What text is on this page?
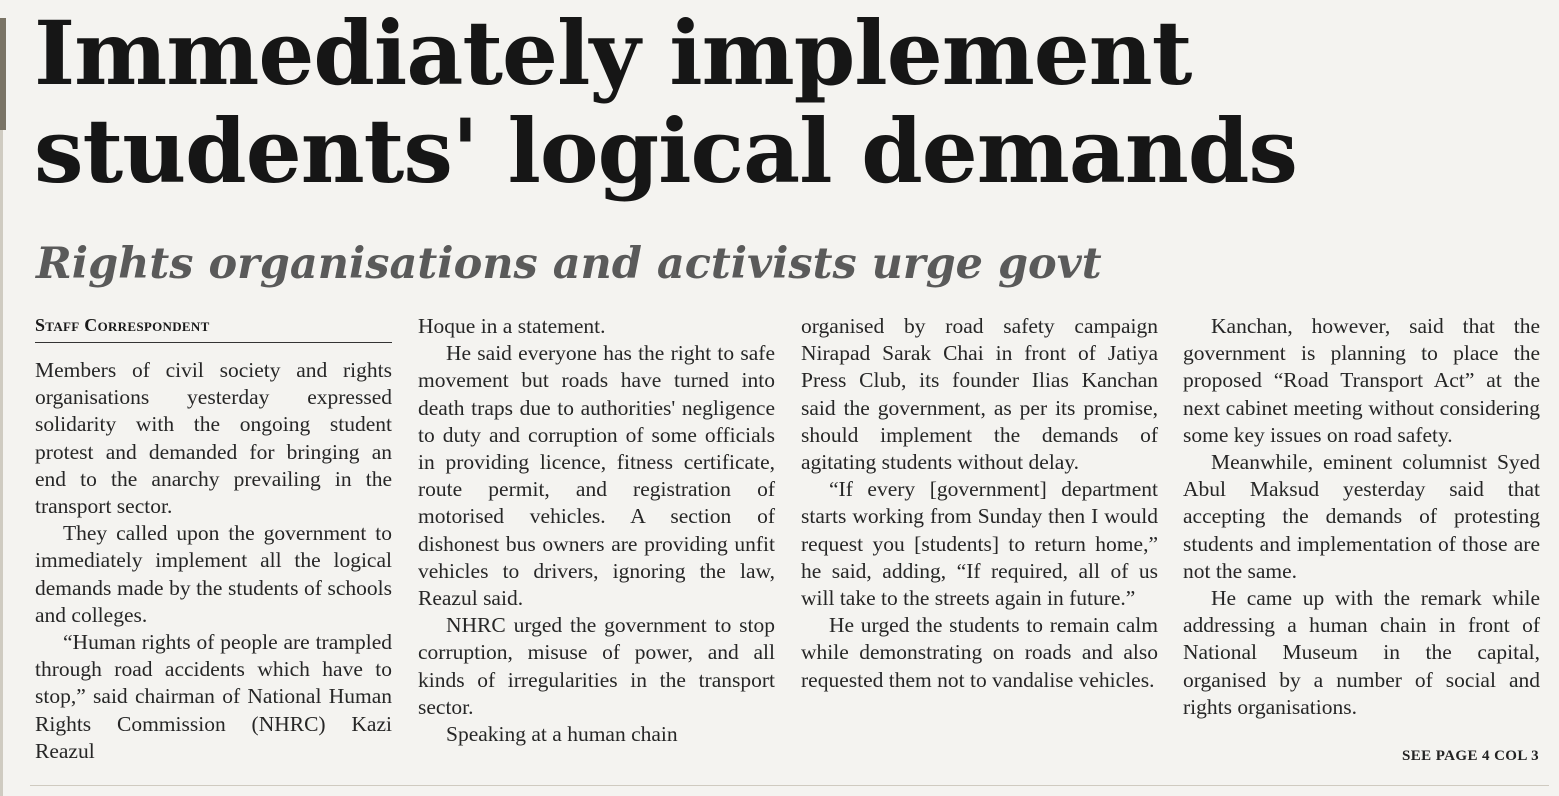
Immediately implement students' logical demands
Rights organisations and activists urge govt
Staff Correspondent

Members of civil society and rights organisations yesterday expressed solidarity with the ongoing student protest and demanded for bringing an end to the anarchy prevailing in the transport sector.

They called upon the government to immediately implement all the logical demands made by the students of schools and colleges.

“Human rights of people are trampled through road accidents which have to stop,” said chairman of National Human Rights Commission (NHRC) Kazi Reazul

Hoque in a statement.

He said everyone has the right to safe movement but roads have turned into death traps due to authorities' negligence to duty and corruption of some officials in providing licence, fitness certificate, route permit, and registration of motorised vehicles. A section of dishonest bus owners are providing unfit vehicles to drivers, ignoring the law, Reazul said.

NHRC urged the government to stop corruption, misuse of power, and all kinds of irregularities in the transport sector.

Speaking at a human chain

organised by road safety campaign Nirapad Sarak Chai in front of Jatiya Press Club, its founder Ilias Kanchan said the government, as per its promise, should implement the demands of agitating students without delay.

“If every [government] department starts working from Sunday then I would request you [students] to return home,” he said, adding, “If required, all of us will take to the streets again in future.”

He urged the students to remain calm while demonstrating on roads and also requested them not to vandalise vehicles.

Kanchan, however, said that the government is planning to place the proposed “Road Transport Act” at the next cabinet meeting without considering some key issues on road safety.

Meanwhile, eminent columnist Syed Abul Maksud yesterday said that accepting the demands of protesting students and implementation of those are not the same.

He came up with the remark while addressing a human chain in front of National Museum in the capital, organised by a number of social and rights organisations.

SEE PAGE 4 COL 3
